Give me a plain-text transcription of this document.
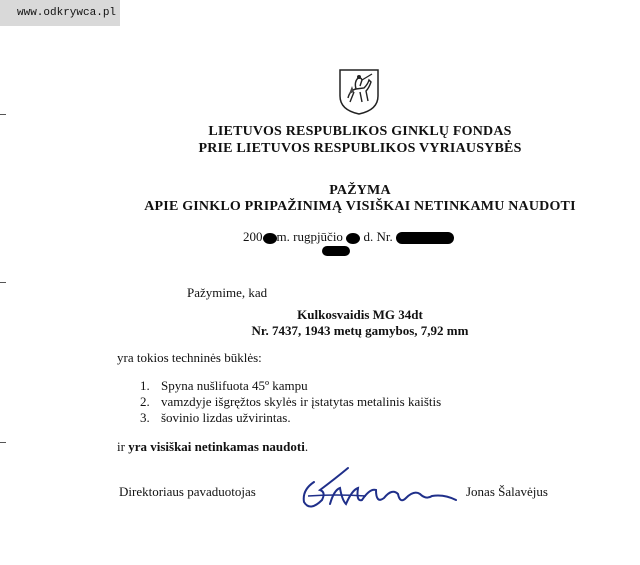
www.odkrywca.pl
LIETUVOS RESPUBLIKOS GINKLŲ FONDAS
PRIE LIETUVOS RESPUBLIKOS VYRIAUSYBĖS
PAŽYMA
APIE GINKLO PRIPAŽINIMĄ VISIŠKAI NETINKAMU NAUDOTI
200 m. rugpjūčio d. Nr.
Pažymime, kad
Kulkosvaidis MG 34dt
Nr. 7437, 1943 metų gamybos, 7,92 mm
yra tokios techninės būklės:
1. Spyna nušlifuota 45º kampu
2. vamzdyje išgręžtos skylės ir įstatytas metalinis kaištis
3. šovinio lizdas užvirintas.
ir yra visiškai netinkamas naudoti.
Direktoriaus pavaduotojas	Jonas Šalavėjus
